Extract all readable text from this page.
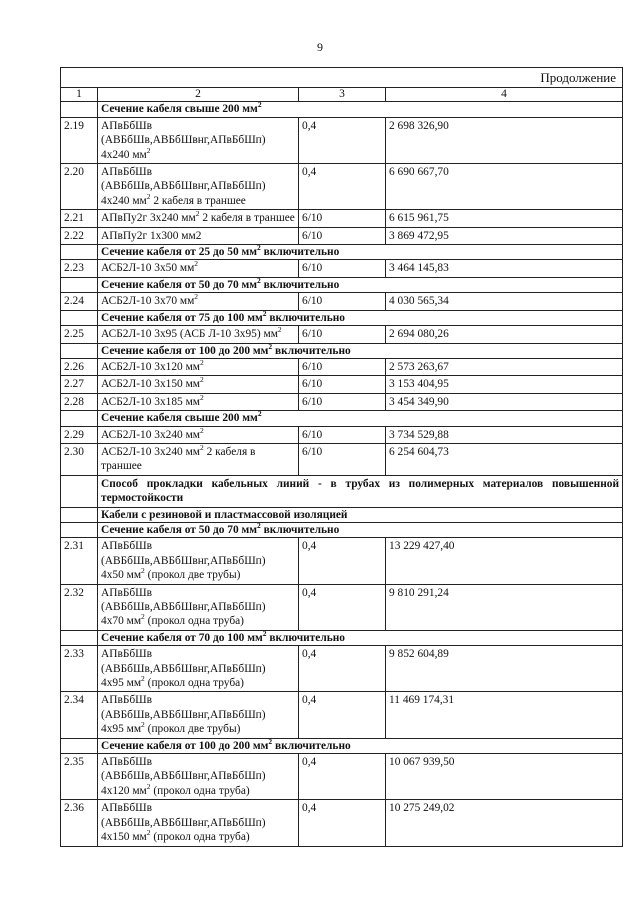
9
Продолжение			
1	2	3	4
	Сечение кабеля свыше 200 $мм^2$
2.19	АПвБбШв
(АВБбШв,АВБбШвнг,АПвБбШп)
4х240 $мм^2$	0,4	2 698 326,90
2.20	АПвБбШв
(АВБбШв,АВБбШвнг,АПвБбШп)
4х240 $мм^2$ 2 кабеля в траншее	0,4	6 690 667,70
2.21	АПвПу2г 3х240 $мм^2$ 2 кабеля в траншее	6/10	6 615 961,75
2.22	АПвПу2г 1х300 мм2	6/10	3 869 472,95
	Сечение кабеля от 25 до 50 $мм^2$ включительно		
2.23	АСБ2Л-10 3х50 $мм^2$	6/10	3 464 145,83
	Сечение кабеля от 50 до 70 $мм^2$ включительно		
2.24	АСБ2Л-10 3х70 $мм^2$	6/10	4 030 565,34
	Сечение кабеля от 75 до 100 $мм^2$ включительно		
2.25	АСБ2Л-10 3х95 (АСБ Л-10 3х95) $мм^2$	6/10	2 694 080,26
	Сечение кабеля от 100 до 200 $мм^2$ включительно		
2.26	АСБ2Л-10 3х120 $мм^2$	6/10	2 573 263,67
2.27	АСБ2Л-10 3х150 $мм^2$	6/10	3 153 404,95
2.28	АСБ2Л-10 3х185 $мм^2$	6/10	3 454 349,90
	Сечение кабеля свыше 200 $мм^2$
2.29	АСБ2Л-10 3х240 $мм^2$	6/10	3 734 529,88
2.30	АСБ2Л-10 3х240 $мм^2$ 2 кабеля в траншее	6/10	6 254 604,73
	Способ прокладки кабельных линий - в трубах из полимерных материалов повышенной термостойкости		
	Кабели с резиновой и пластмассовой изоляцией		
	Сечение кабеля от 50 до 70 $мм^2$ включительно		
2.31	АПвБбШв
(АВБбШв,АВБбШвнг,АПвБбШп)
4х50 $мм^2$ (прокол две трубы)	0,4	13 229 427,40
2.32	АПвБбШв
(АВБбШв,АВБбШвнг,АПвБбШп)
4х70 $мм^2$ (прокол одна труба)	0,4	9 810 291,24
	Сечение кабеля от 70 до 100 $мм^2$ включительно		
2.33	АПвБбШв
(АВБбШв,АВБбШвнг,АПвБбШп)
4х95 $мм^2$ (прокол одна труба)	0,4	9 852 604,89
2.34	АПвБбШв
(АВБбШв,АВБбШвнг,АПвБбШп)
4х95 $мм^2$ (прокол две трубы)	0,4	11 469 174,31
	Сечение кабеля от 100 до 200 $мм^2$ включительно		
2.35	АПвБбШв
(АВБбШв,АВБбШвнг,АПвБбШп)
4х120 $мм^2$ (прокол одна труба)	0,4	10 067 939,50
2.36	АПвБбШв
(АВБбШв,АВБбШвнг,АПвБбШп)
4х150 $мм^2$ (прокол одна труба)	0,4	10 275 249,02
